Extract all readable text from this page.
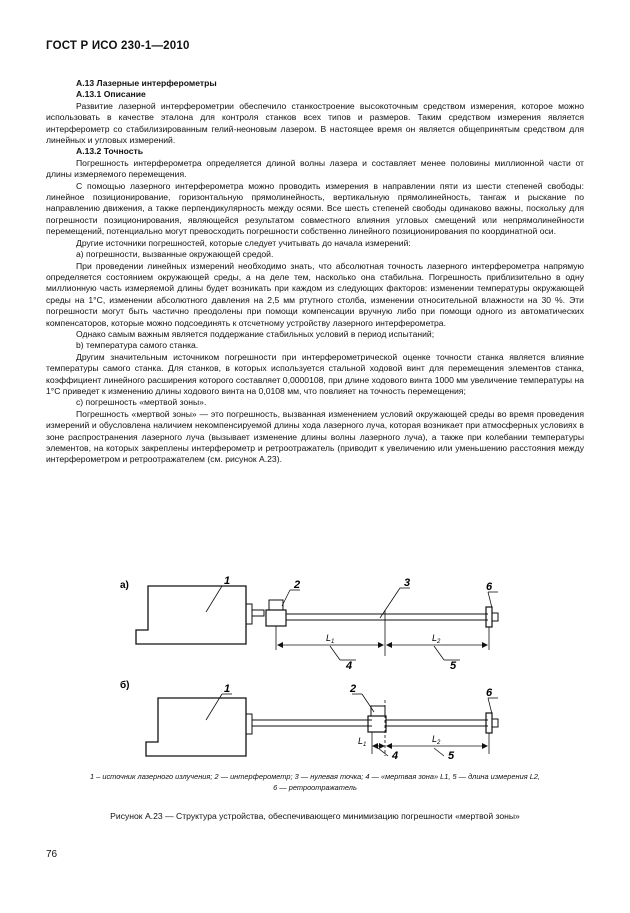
ГОСТ Р ИСО 230-1—2010
А.13 Лазерные интерферометры
А.13.1 Описание

Развитие лазерной интерферометрии обеспечило станкостроение высокоточным средством измерения, которое можно использовать в качестве эталона для контроля станков всех типов и размеров. Таким средством измерения является интерферометр со стабилизированным гелий-неоновым лазером. В настоящее время он является общепринятым средством для линейных и угловых измерений.

А.13.2 Точность

Погрешность интерферометра определяется длиной волны лазера и составляет менее половины миллионной части от длины измеряемого перемещения.

С помощью лазерного интерферометра можно проводить измерения в направлении пяти из шести степеней свободы: линейное позиционирование, горизонтальную прямолинейность, вертикальную прямолинейность, тангаж и рыскание по направлению движения, а также перпендикулярность между осями. Все шесть степеней свободы одинаково важны, поскольку для погрешности позиционирования, являющейся результатом совместного влияния угловых смещений или непрямолинейности перемещений, потенциально могут превосходить погрешности собственно линейного позиционирования по координатной оси.

Другие источники погрешностей, которые следует учитывать до начала измерений:

а) погрешности, вызванные окружающей средой.

При проведении линейных измерений необходимо знать, что абсолютная точность лазерного интерферометра напрямую определяется состоянием окружающей среды, а на деле тем, насколько она стабильна. Погрешность приблизительно в одну миллионную часть измеряемой длины будет возникать при каждом из следующих факторов: изменении температуры окружающей среды на 1°С, изменении абсолютного давления на 2,5 мм ртутного столба, изменении относительной влажности на 30 %. Эти погрешности могут быть частично преодолены при помощи компенсации вручную либо при помощи одного из автоматических компенсаторов, которые можно подсоединять к отсчетному устройству лазерного интерферометра.

Однако самым важным является поддержание стабильных условий в период испытаний;

b) температура самого станка.

Другим значительным источником погрешности при интерферометрической оценке точности станка является влияние температуры самого станка. Для станков, в которых используется стальной ходовой винт для перемещения элементов станка, коэффициент линейного расширения которого составляет 0,0000108, при длине ходового винта 1000 мм увеличение температуры на 1°С приведет к изменению длины ходового винта на 0,0108 мм, что повлияет на точность перемещения;

с) погрешность «мертвой зоны».

Погрешность «мертвой зоны» — это погрешность, вызванная изменением условий окружающей среды во время проведения измерений и обусловлена наличием некомпенсируемой длины хода лазерного луча, которая возникает при атмосферных условиях в зоне распространения лазерного луча (вызывает изменение длины волны лазерного луча), а также при колебании температуры элементов, на которых закреплены интерферометр и ретроотражатель (приводит к увеличению или уменьшению расстояния между интерферометром и ретроотражателем (см. рисунок А.23).

а)
$L_1$	$L_2$
1	2	3
4	5
6
б)
$L_1$
$L_2$
1	2
4	5
6
1 – источник лазерного излучения; 2 — интерферометр; 3 — нулевая точка; 4 — «мертвая зона» L1, 5 — длина измерения L2,
6 — ретроотражатель
Рисунок А.23 — Структура устройства, обеспечивающего минимизацию погрешности «мертвой зоны»
76
